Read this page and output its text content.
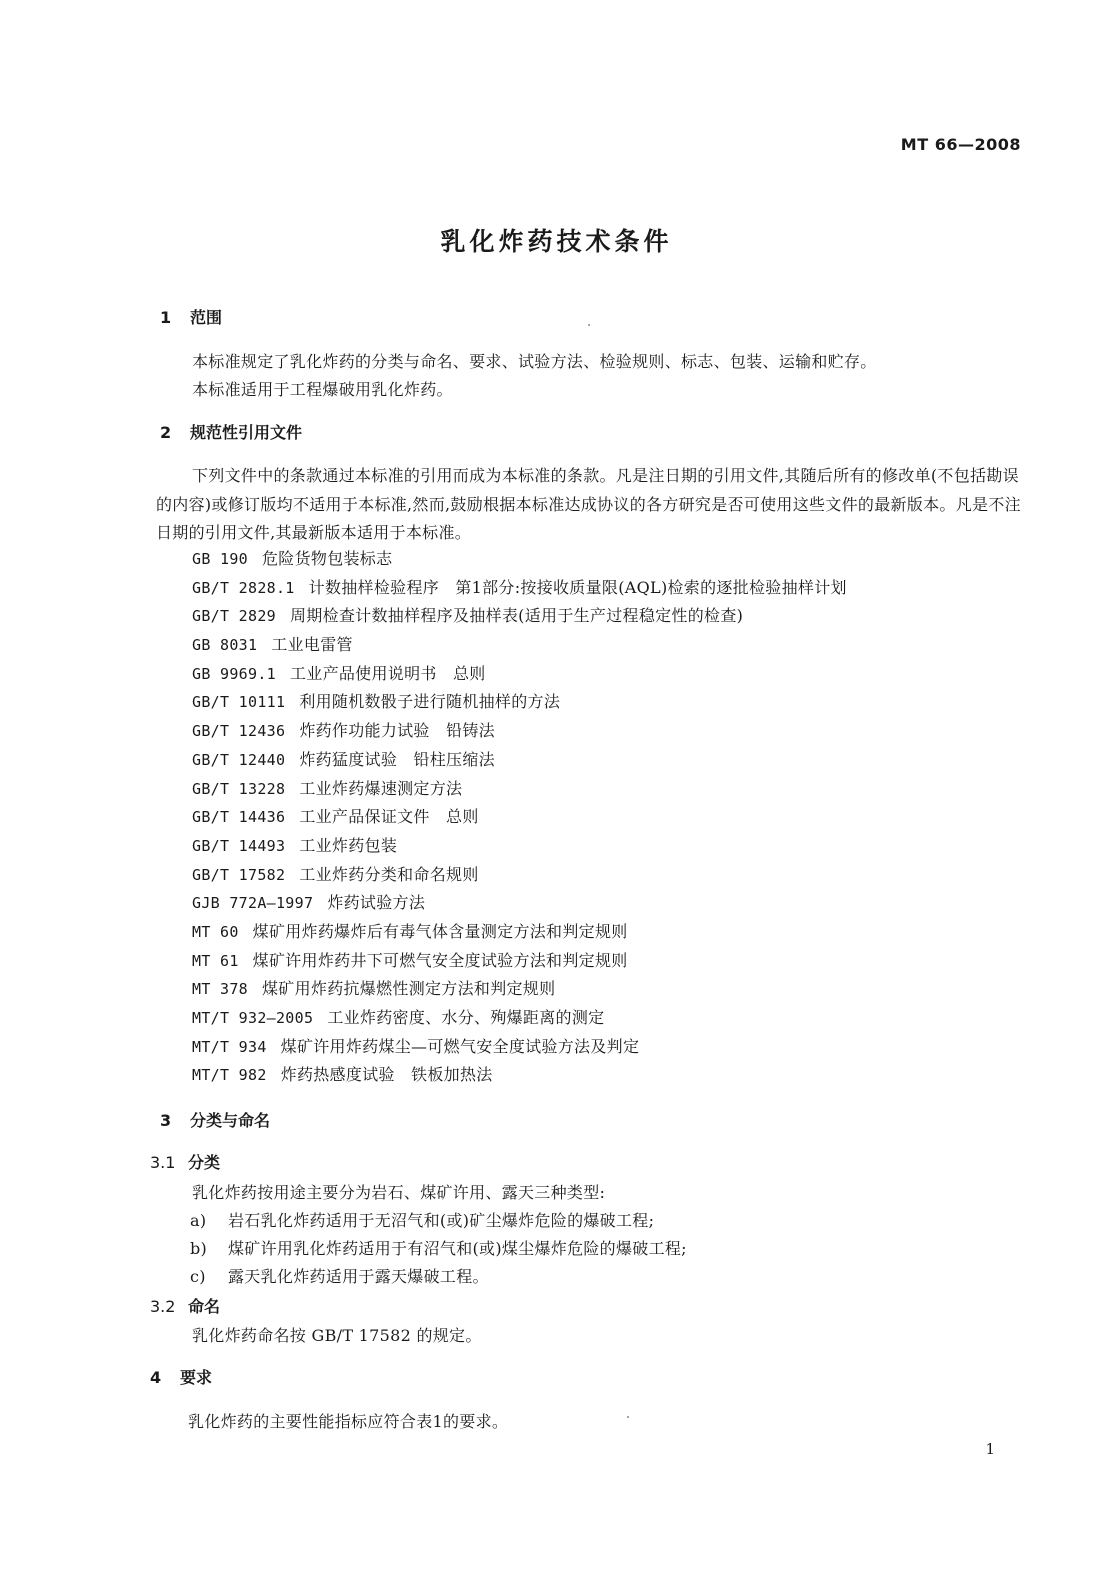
MT 66—2008
乳化炸药技术条件
1 范围
本标准规定了乳化炸药的分类与命名、要求、试验方法、检验规则、标志、包装、运输和贮存。
本标准适用于工程爆破用乳化炸药。
2 规范性引用文件
下列文件中的条款通过本标准的引用而成为本标准的条款。凡是注日期的引用文件,其随后所有的修改单(不包括勘误的内容)或修订版均不适用于本标准,然而,鼓励根据本标准达成协议的各方研究是否可使用这些文件的最新版本。凡是不注日期的引用文件,其最新版本适用于本标准。
GB 190 危险货物包装标志
GB/T 2828.1 计数抽样检验程序　第1部分:按接收质量限(AQL)检索的逐批检验抽样计划
GB/T 2829 周期检查计数抽样程序及抽样表(适用于生产过程稳定性的检查)
GB 8031 工业电雷管
GB 9969.1 工业产品使用说明书　总则
GB/T 10111 利用随机数骰子进行随机抽样的方法
GB/T 12436 炸药作功能力试验　铅铸法
GB/T 12440 炸药猛度试验　铅柱压缩法
GB/T 13228 工业炸药爆速测定方法
GB/T 14436 工业产品保证文件　总则
GB/T 14493 工业炸药包装
GB/T 17582 工业炸药分类和命名规则
GJB 772A—1997 炸药试验方法
MT 60 煤矿用炸药爆炸后有毒气体含量测定方法和判定规则
MT 61 煤矿许用炸药井下可燃气安全度试验方法和判定规则
MT 378 煤矿用炸药抗爆燃性测定方法和判定规则
MT/T 932—2005 工业炸药密度、水分、殉爆距离的测定
MT/T 934 煤矿许用炸药煤尘—可燃气安全度试验方法及判定
MT/T 982 炸药热感度试验　铁板加热法
3 分类与命名
3.1 分类
乳化炸药按用途主要分为岩石、煤矿许用、露天三种类型:
a) 岩石乳化炸药适用于无沼气和(或)矿尘爆炸危险的爆破工程;
b) 煤矿许用乳化炸药适用于有沼气和(或)煤尘爆炸危险的爆破工程;
c) 露天乳化炸药适用于露天爆破工程。
3.2 命名
乳化炸药命名按 GB/T 17582 的规定。
4 要求
乳化炸药的主要性能指标应符合表1的要求。
1
